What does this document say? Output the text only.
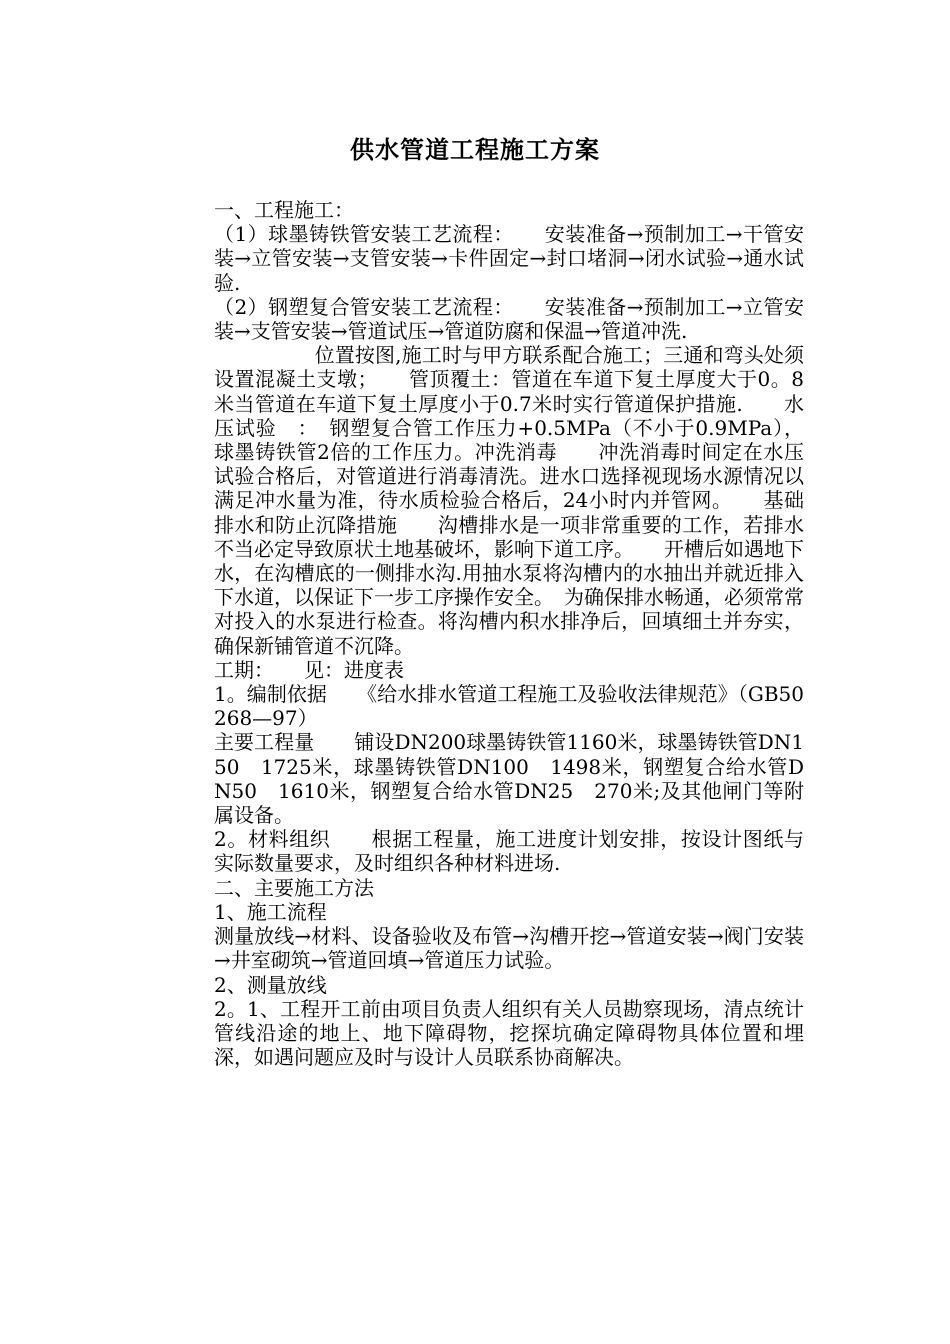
供水管道工程施工方案

一、工程施工：

（1）球墨铸铁管安装工艺流程：　　安装准备→预制加工→干管安装→立管安装→支管安装→卡件固定→封口堵洞→闭水试验→通水试验.

（2）钢塑复合管安装工艺流程：　　安装准备→预制加工→立管安装→支管安装→管道试压→管道防腐和保温→管道冲洗.

　　　　　位置按图,施工时与甲方联系配合施工；三通和弯头处须设置混凝土支墩；　　管顶覆土：管道在车道下复土厚度大于0。8米当管道在车道下复土厚度小于0.7米时实行管道保护措施.　　水压试验　：　钢塑复合管工作压力+0.5MPa（不小于0.9MPa），球墨铸铁管2倍的工作压力。冲洗消毒　　冲洗消毒时间定在水压试验合格后，对管道进行消毒清洗。进水口选择视现场水源情况以满足冲水量为准，待水质检验合格后，24小时内并管网。　　基础排水和防止沉降措施　　沟槽排水是一项非常重要的工作，若排水不当必定导致原状土地基破坏，影响下道工序。　　开槽后如遇地下水，在沟槽底的一侧排水沟.用抽水泵将沟槽内的水抽出并就近排入下水道，以保证下一步工序操作安全。　为确保排水畅通，必须常常对投入的水泵进行检查。将沟槽内积水排净后，回填细土并夯实，确保新铺管道不沉降。

工期：　　见：进度表

1。编制依据　　《给水排水管道工程施工及验收法律规范》（GB50268—97）

主要工程量　　铺设DN200球墨铸铁管1160米，球墨铸铁管DN150　1725米，球墨铸铁管DN100　1498米，钢塑复合给水管DN50　1610米，钢塑复合给水管DN25　270米;及其他闸门等附属设备。

2。材料组织　　根据工程量，施工进度计划安排，按设计图纸与实际数量要求，及时组织各种材料进场.

二、主要施工方法

1、施工流程

测量放线→材料、设备验收及布管→沟槽开挖→管道安装→阀门安装→井室砌筑→管道回填→管道压力试验。

2、测量放线

2。1、工程开工前由项目负责人组织有关人员勘察现场，清点统计管线沿途的地上、地下障碍物，挖探坑确定障碍物具体位置和埋深，如遇问题应及时与设计人员联系协商解决。
